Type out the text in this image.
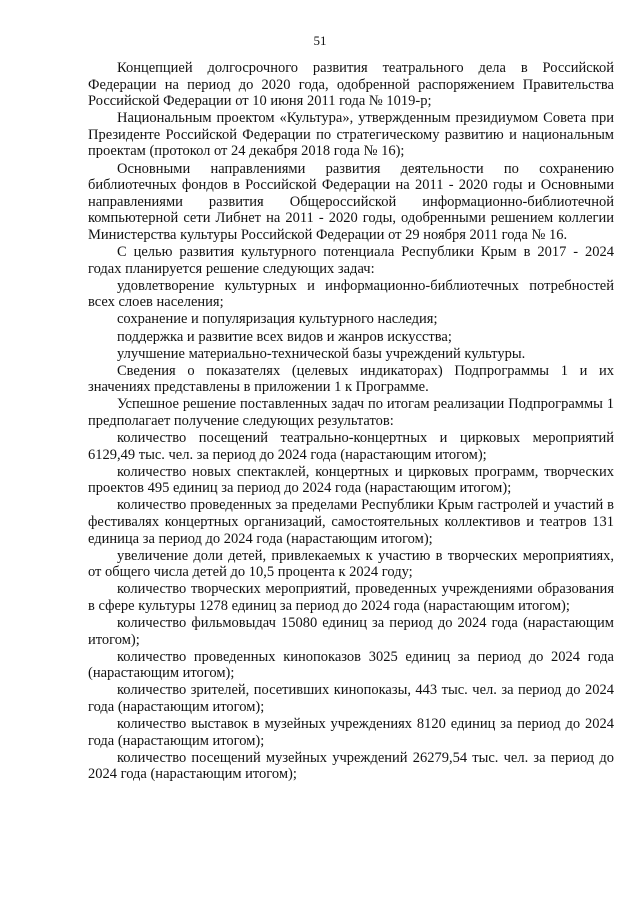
51

Концепцией долгосрочного развития театрального дела в Российской Федерации на период до 2020 года, одобренной распоряжением Правительства Российской Федерации от 10 июня 2011 года № 1019-р;

Национальным проектом «Культура», утвержденным президиумом Совета при Президенте Российской Федерации по стратегическому развитию и национальным проектам (протокол от 24 декабря 2018 года № 16);

Основными направлениями развития деятельности по сохранению библиотечных фондов в Российской Федерации на 2011 - 2020 годы и Основными направлениями развития Общероссийской информационно-библиотечной компьютерной сети Либнет на 2011 - 2020 годы, одобренными решением коллегии Министерства культуры Российской Федерации от 29 ноября 2011 года № 16.

С целью развития культурного потенциала Республики Крым в 2017 - 2024 годах планируется решение следующих задач:

удовлетворение культурных и информационно-библиотечных потребностей всех слоев населения;

сохранение и популяризация культурного наследия;

поддержка и развитие всех видов и жанров искусства;

улучшение материально-технической базы учреждений культуры.

Сведения о показателях (целевых индикаторах) Подпрограммы 1 и их значениях представлены в приложении 1 к Программе.

Успешное решение поставленных задач по итогам реализации Подпрограммы 1 предполагает получение следующих результатов:

количество посещений театрально-концертных и цирковых мероприятий 6129,49 тыс. чел. за период до 2024 года (нарастающим итогом);

количество новых спектаклей, концертных и цирковых программ, творческих проектов 495 единиц за период до 2024 года (нарастающим итогом);

количество проведенных за пределами Республики Крым гастролей и участий в фестивалях концертных организаций, самостоятельных коллективов и театров 131 единица за период до 2024 года (нарастающим итогом);

увеличение доли детей, привлекаемых к участию в творческих мероприятиях, от общего числа детей до 10,5 процента к 2024 году;

количество творческих мероприятий, проведенных учреждениями образования в сфере культуры 1278 единиц за период до 2024 года (нарастающим итогом);

количество фильмовыдач 15080 единиц за период до 2024 года (нарастающим итогом);

количество проведенных кинопоказов 3025 единиц за период до 2024 года (нарастающим итогом);

количество зрителей, посетивших кинопоказы, 443 тыс. чел. за период до 2024 года (нарастающим итогом);

количество выставок в музейных учреждениях 8120 единиц за период до 2024 года (нарастающим итогом);

количество посещений музейных учреждений 26279,54 тыс. чел. за период до 2024 года (нарастающим итогом);
